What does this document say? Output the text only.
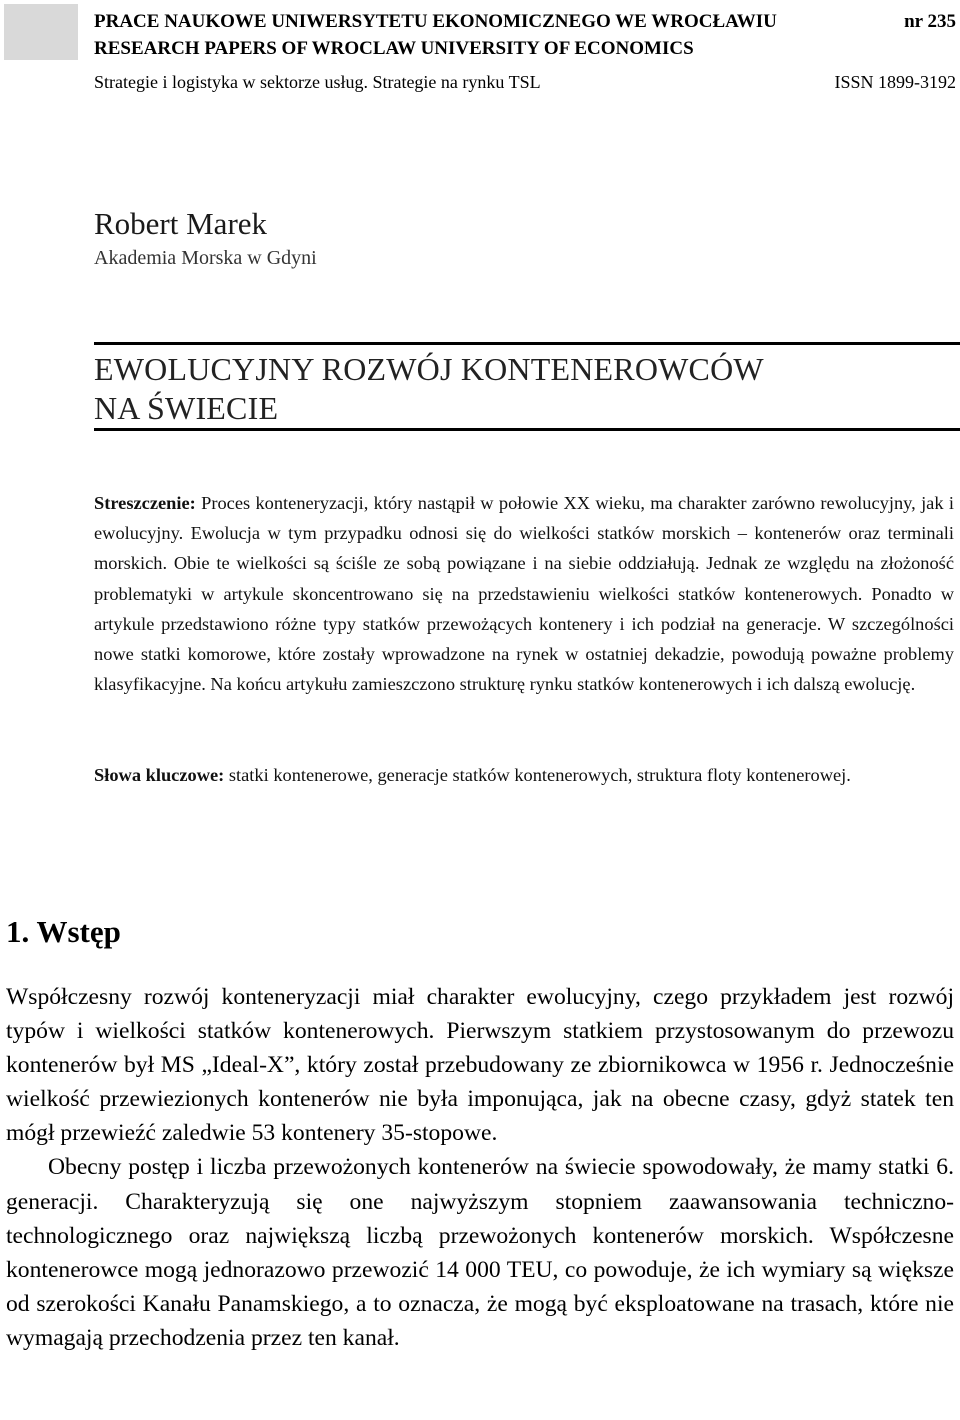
PRACE NAUKOWE UNIWERSYTETU EKONOMICZNEGO WE WROCŁAWIU	nr 235
RESEARCH PAPERS OF WROCLAW UNIVERSITY OF ECONOMICS
Strategie i logistyka w sektorze usług. Strategie na rynku TSL	ISSN 1899-3192
Robert Marek
Akademia Morska w Gdyni
EWOLUCYJNY ROZWÓJ KONTENEROWCÓW
NA ŚWIECIE
Streszczenie: Proces konteneryzacji, który nastąpił w połowie XX wieku, ma charakter zarówno rewolucyjny, jak i ewolucyjny. Ewolucja w tym przypadku odnosi się do wielkości statków morskich – kontenerów oraz terminali morskich. Obie te wielkości są ściśle ze sobą powiązane i na siebie oddziałują. Jednak ze względu na złożoność problematyki w artykule skoncentrowano się na przedstawieniu wielkości statków kontenerowych. Ponadto w artykule przedstawiono różne typy statków przewożących kontenery i ich podział na generacje. W szczególności nowe statki komorowe, które zostały wprowadzone na rynek w ostatniej dekadzie, powodują poważne problemy klasyfikacyjne. Na końcu artykułu zamieszczono strukturę rynku statków kontenerowych i ich dalszą ewolucję.
Słowa kluczowe: statki kontenerowe, generacje statków kontenerowych, struktura floty kontenerowej.
1. Wstęp

Współczesny rozwój konteneryzacji miał charakter ewolucyjny, czego przykładem jest rozwój typów i wielkości statków kontenerowych. Pierwszym statkiem przystosowanym do przewozu kontenerów był MS „Ideal-X”, który został przebudowany ze zbiornikowca w 1956 r. Jednocześnie wielkość przewiezionych kontenerów nie była imponująca, jak na obecne czasy, gdyż statek ten mógł przewieźć zaledwie 53 kontenery 35-stopowe.

Obecny postęp i liczba przewożonych kontenerów na świecie spowodowały, że mamy statki 6. generacji. Charakteryzują się one najwyższym stopniem zaawansowania techniczno-technologicznego oraz największą liczbą przewożonych kontenerów morskich. Współczesne kontenerowce mogą jednorazowo przewozić 14 000 TEU, co powoduje, że ich wymiary są większe od szerokości Kanału Panamskiego, a to oznacza, że mogą być eksploatowane na trasach, które nie wymagają przechodzenia przez ten kanał.
